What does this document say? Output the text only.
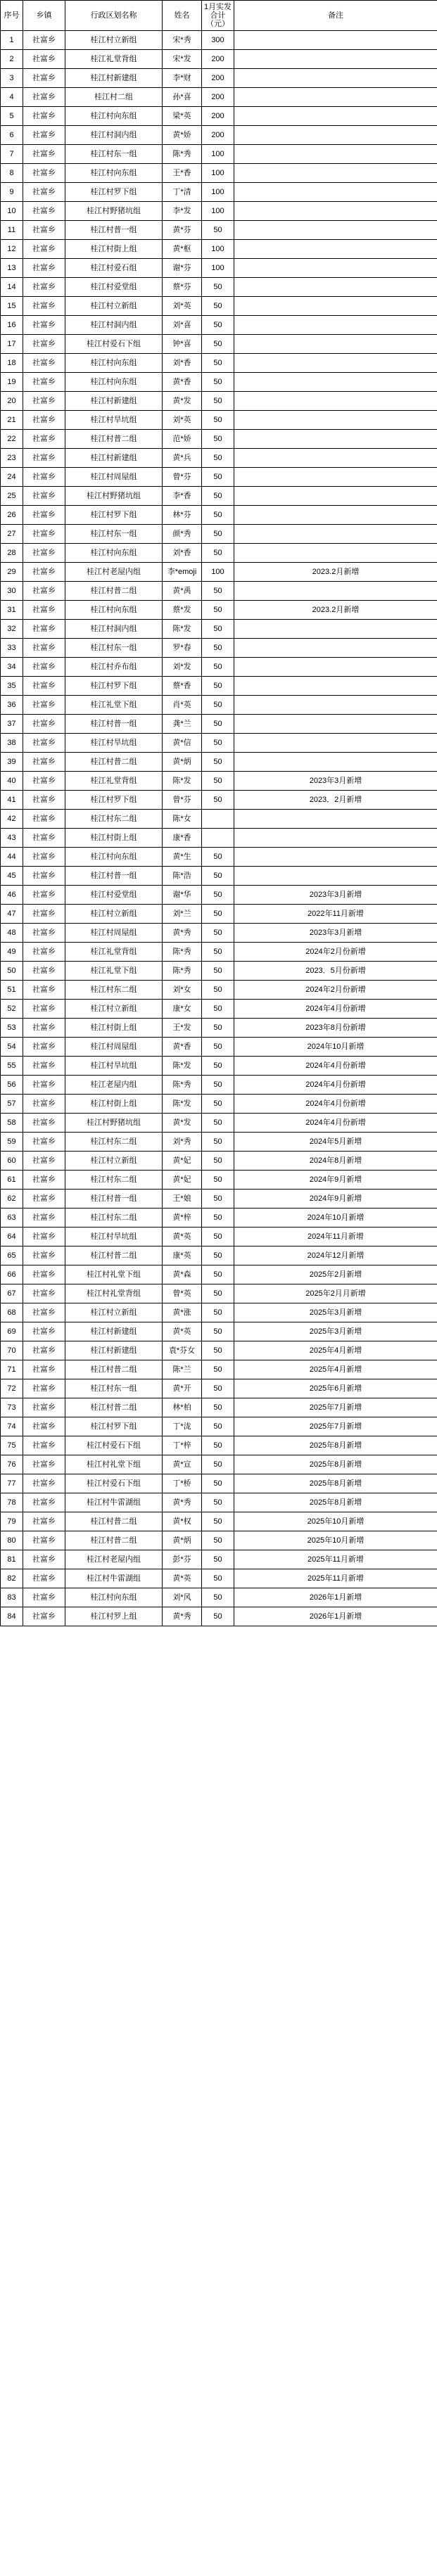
序号	乡镇	行政区划名称	姓名	1月实发合计（元）	备注
1	社富乡	桂江村立新组	宋*秀	300	
2	社富乡	桂江礼堂背组	宋*发	200	
3	社富乡	桂江村新建组	李*财	200	
4	社富乡	桂江村二组	孙*喜	200	
5	社富乡	桂江村向东组	梁*英	200	
6	社富乡	桂江村洞内组	黄*娇	200	
7	社富乡	桂江村东一组	陈*秀	100	
8	社富乡	桂江村向东组	王*香	100	
9	社富乡	桂江村罗下组	丁*清	100	
10	社富乡	桂江村野猪坑组	李*发	100	
11	社富乡	桂江村普一组	黄*芬	50	
12	社富乡	桂江村街上组	黄*枢	100	
13	社富乡	桂江村爱石组	谢*芬	100	
14	社富乡	桂江村爱堂组	蔡*芬	50	
15	社富乡	桂江村立新组	刘*英	50	
16	社富乡	桂江村洞内组	刘*喜	50	
17	社富乡	桂江村爱石下组	钟*喜	50	
18	社富乡	桂江村向东组	刘*香	50	
19	社富乡	桂江村向东组	黄*香	50	
20	社富乡	桂江村新建组	黄*发	50	
21	社富乡	桂江村旱坑组	刘*英	50	
22	社富乡	桂江村普二组	范*娇	50	
23	社富乡	桂江村新建组	黄*兵	50	
24	社富乡	桂江村周屋组	曾*芬	50	
25	社富乡	桂江村野猪坑组	李*香	50	
26	社富乡	桂江村罗下组	林*芬	50	
27	社富乡	桂江村东一组	颜*秀	50	
28	社富乡	桂江村向东组	刘*香	50	
29	社富乡	桂江村老屋内组	李*emoji	100	2023.2月新增
30	社富乡	桂江村普二组	黄*禹	50	
31	社富乡	桂江村向东组	蔡*发	50	2023.2月新增
32	社富乡	桂江村洞内组	陈*发	50	
33	社富乡	桂江村东一组	罗*春	50	
34	社富乡	桂江村乔布组	刘*发	50	
35	社富乡	桂江村罗下组	蔡*香	50	
36	社富乡	桂江礼堂下组	肖*英	50	
37	社富乡	桂江村普一组	龚*兰	50	
38	社富乡	桂江村旱坑组	黄*信	50	
39	社富乡	桂江村普二组	黄*炳	50	
40	社富乡	桂江礼堂背组	陈*发	50	2023年3月新增
41	社富乡	桂江村罗下组	曾*芬	50	2023．2月新增
42	社富乡	桂江村东二组	陈*女		
43	社富乡	桂江村街上组	康*香		
44	社富乡	桂江村向东组	黄*生	50	
45	社富乡	桂江村普一组	陈*浩	50	
46	社富乡	桂江村爱堂组	谢*华	50	2023年3月新增
47	社富乡	桂江村立新组	刘*兰	50	2022年11月新增
48	社富乡	桂江村周屋组	黄*秀	50	2023年3月新增
49	社富乡	桂江礼堂背组	陈*秀	50	2024年2月份新增
50	社富乡	桂江礼堂下组	陈*秀	50	2023．5月份新增
51	社富乡	桂江村东二组	刘*女	50	2024年2月份新增
52	社富乡	桂江村立新组	康*女	50	2024年4月份新增
53	社富乡	桂江村街上组	王*发	50	2023年8月份新增
54	社富乡	桂江村周屋组	黄*香	50	2024年10月新增
55	社富乡	桂江村旱坑组	陈*发	50	2024年4月份新增
56	社富乡	桂江老屋内组	陈*秀	50	2024年4月份新增
57	社富乡	桂江村街上组	陈*发	50	2024年4月份新增
58	社富乡	桂江村野猪坑组	黄*发	50	2024年4月份新增
59	社富乡	桂江村东二组	刘*秀	50	2024年5月新增
60	社富乡	桂江村立新组	黄*妃	50	2024年8月新增
61	社富乡	桂江村东二组	黄*妃	50	2024年9月新增
62	社富乡	桂江村普一组	王*娘	50	2024年9月新增
63	社富乡	桂江村东二组	黄*梓	50	2024年10月新增
64	社富乡	桂江村旱坑组	黄*英	50	2024年11月新增
65	社富乡	桂江村普二组	康*英	50	2024年12月新增
66	社富乡	桂江村礼堂下组	黄*森	50	2025年2月新增
67	社富乡	桂江村礼堂背组	曾*英	50	2025年2月月新增
68	社富乡	桂江村立新组	黄*涨	50	2025年3月新增
69	社富乡	桂江村新建组	黄*英	50	2025年3月新增
70	社富乡	桂江村新建组	袁*芬女	50	2025年4月新增
71	社富乡	桂江村普二组	陈*兰	50	2025年4月新增
72	社富乡	桂江村东一组	黄*开	50	2025年6月新增
73	社富乡	桂江村普二组	林*柏	50	2025年7月新增
74	社富乡	桂江村罗下组	丁*泷	50	2025年7月新增
75	社富乡	桂江村爱石下组	丁*梓	50	2025年8月新增
76	社富乡	桂江村礼堂下组	黄*宣	50	2025年8月新增
77	社富乡	桂江村爱石下组	丁*桥	50	2025年8月新增
78	社富乡	桂江村牛雷湖组	黄*秀	50	2025年8月新增
79	社富乡	桂江村普二组	黄*权	50	2025年10月新增
80	社富乡	桂江村普二组	黄*炳	50	2025年10月新增
81	社富乡	桂江村老屋内组	彭*芬	50	2025年11月新增
82	社富乡	桂江村牛雷湖组	黄*英	50	2025年11月新增
83	社富乡	桂江村向东组	刘*风	50	2026年1月新增
84	社富乡	桂江村罗上组	黄*秀	50	2026年1月新增
